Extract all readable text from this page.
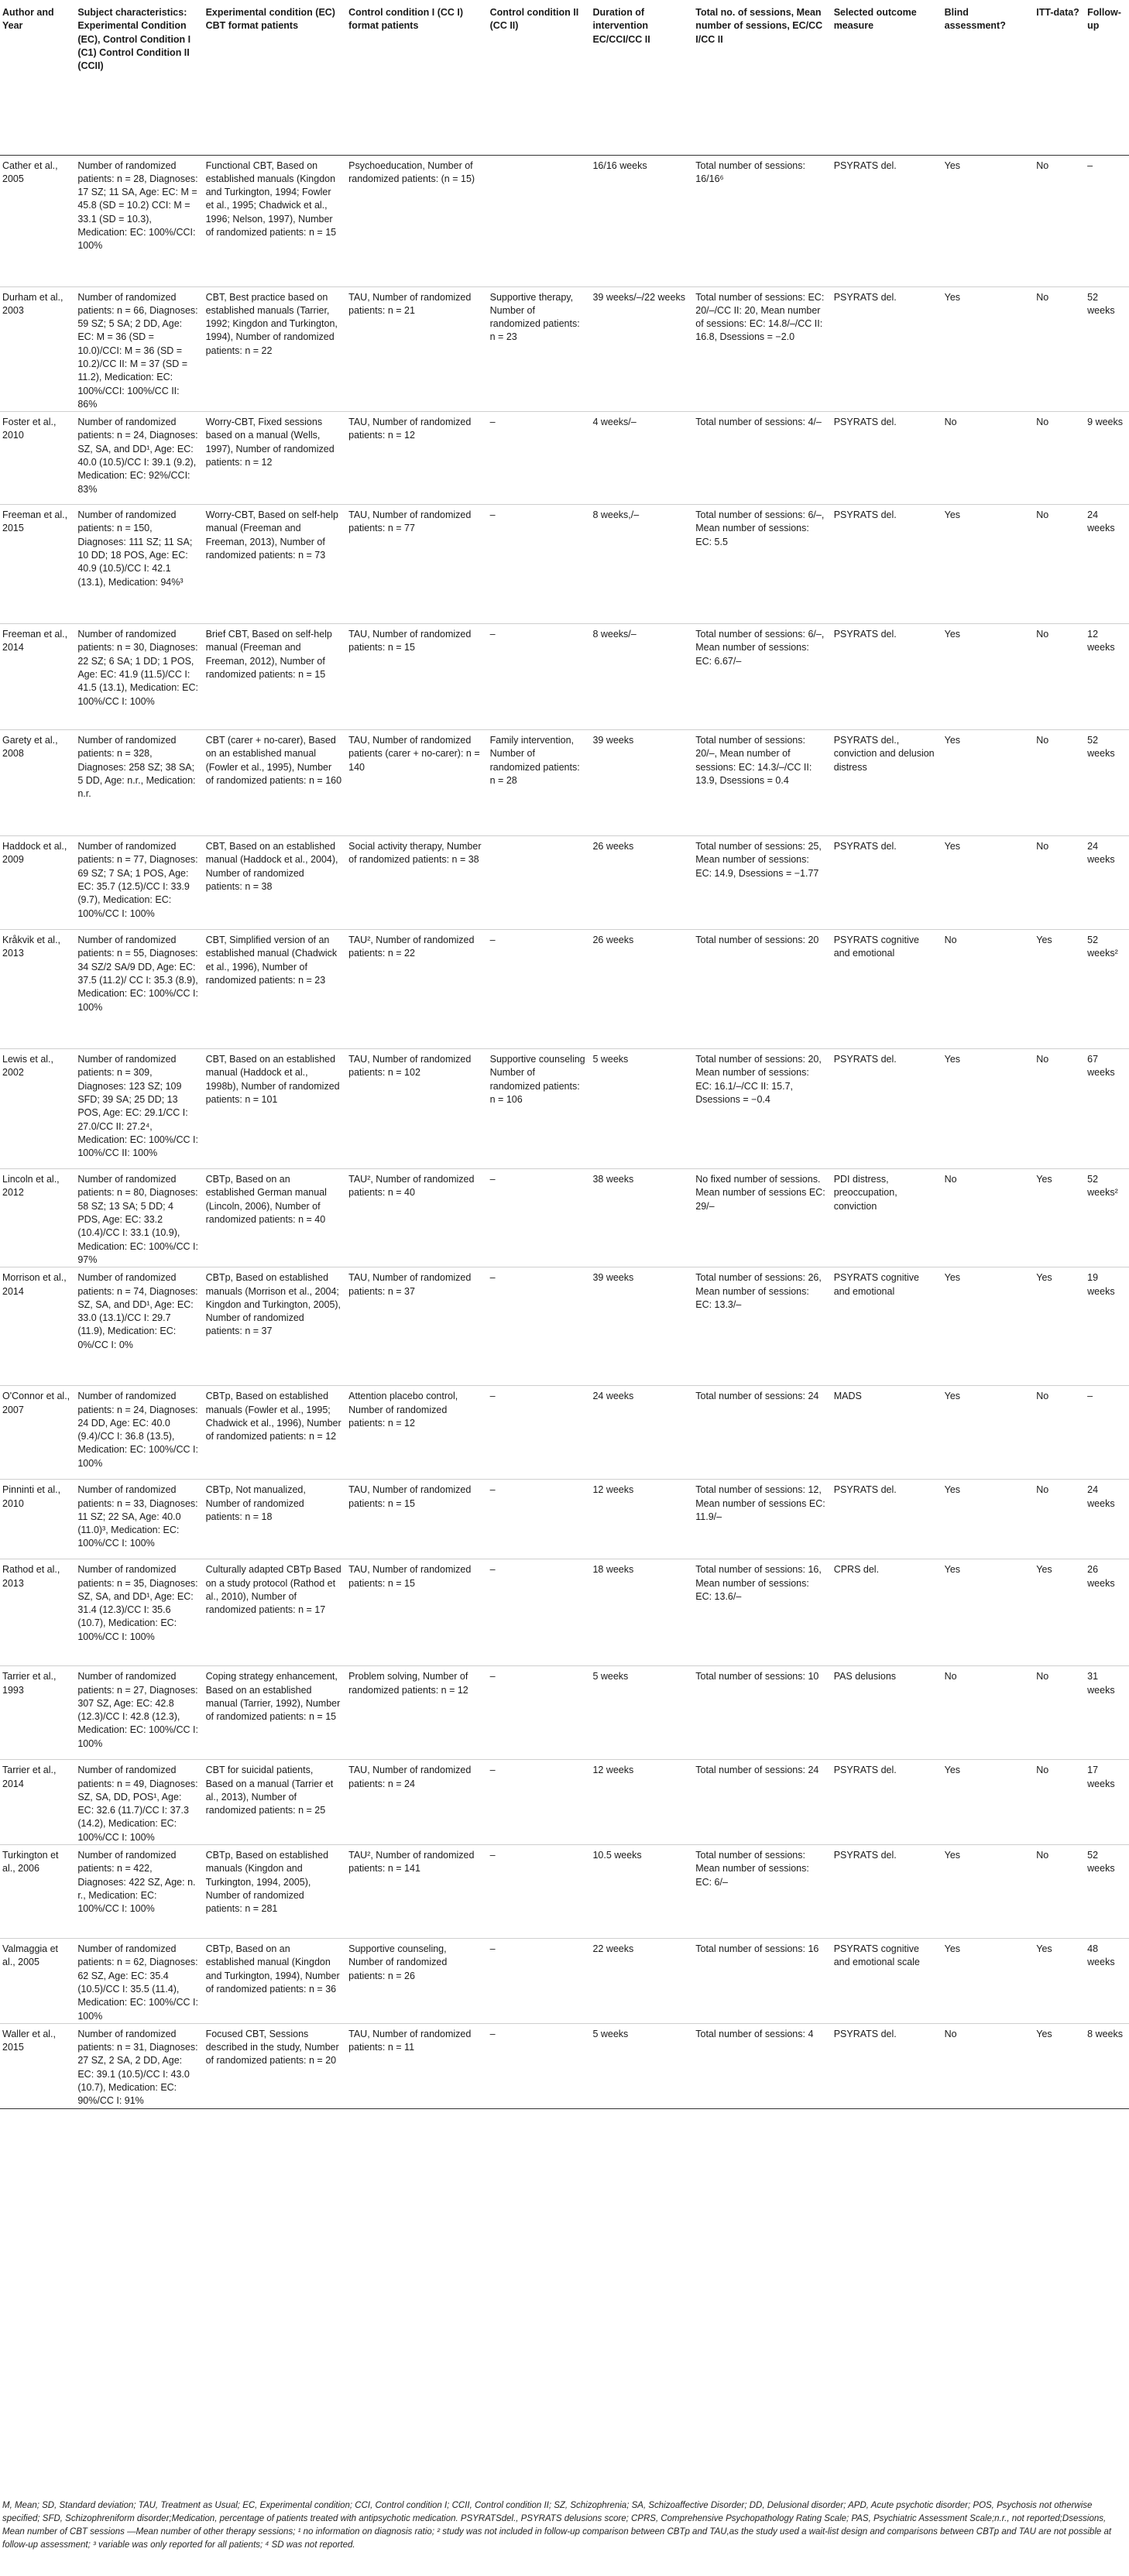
Author and Year	Subject characteristics: Experimental Condition (EC), Control Condition I (C1) Control Condition II (CCII)	Experimental condition (EC) CBT format patients	Control condition I (CC I) format patients	Control condition II (CC II)	Duration of intervention EC/CCI/CC II	Total no. of sessions, Mean number of sessions, EC/CC I/CC II	Selected outcome measure	Blind assessment?	ITT-data?	Follow-up
Cather et al., 2005	Number of randomized patients: n = 28, Diagnoses: 17 SZ; 11 SA, Age: EC: M = 45.8 (SD = 10.2) CCI: M = 33.1 (SD = 10.3), Medication: EC: 100%/CCI: 100%	Functional CBT, Based on established manuals (Kingdon and Turkington, 1994; Fowler et al., 1995; Chadwick et al., 1996; Nelson, 1997), Number of randomized patients: n = 15	Psychoeducation, Number of randomized patients: (n = 15)		16/16 weeks	Total number of sessions: 16/16⁶	PSYRATS del.	Yes	No	–
Durham et al., 2003	Number of randomized patients: n = 66, Diagnoses: 59 SZ; 5 SA; 2 DD, Age: EC: M = 36 (SD = 10.0)/CCI: M = 36 (SD = 10.2)/CC II: M = 37 (SD = 11.2), Medication: EC: 100%/CCI: 100%/CC II: 86%	CBT, Best practice based on established manuals (Tarrier, 1992; Kingdon and Turkington, 1994), Number of randomized patients: n = 22	TAU, Number of randomized patients: n = 21	Supportive therapy, Number of randomized patients: n = 23	39 weeks/–/22 weeks	Total number of sessions: EC: 20/–/CC II: 20, Mean number of sessions: EC: 14.8/–/CC II: 16.8, Dsessions = −2.0	PSYRATS del.	Yes	No	52 weeks
Foster et al., 2010	Number of randomized patients: n = 24, Diagnoses: SZ, SA, and DD¹, Age: EC: 40.0 (10.5)/CC I: 39.1 (9.2), Medication: EC: 92%/CCI: 83%	Worry-CBT, Fixed sessions based on a manual (Wells, 1997), Number of randomized patients: n = 12	TAU, Number of randomized patients: n = 12	–	4 weeks/–	Total number of sessions: 4/–	PSYRATS del.	No	No	9 weeks
Freeman et al., 2015	Number of randomized patients: n = 150, Diagnoses: 111 SZ; 11 SA; 10 DD; 18 POS, Age: EC: 40.9 (10.5)/CC I: 42.1 (13.1), Medication: 94%³	Worry-CBT, Based on self-help manual (Freeman and Freeman, 2013), Number of randomized patients: n = 73	TAU, Number of randomized patients: n = 77	–	8 weeks,/–	Total number of sessions: 6/–, Mean number of sessions: EC: 5.5	PSYRATS del.	Yes	No	24 weeks
Freeman et al., 2014	Number of randomized patients: n = 30, Diagnoses: 22 SZ; 6 SA; 1 DD; 1 POS, Age: EC: 41.9 (11.5)/CC I: 41.5 (13.1), Medication: EC: 100%/CC I: 100%	Brief CBT, Based on self-help manual (Freeman and Freeman, 2012), Number of randomized patients: n = 15	TAU, Number of randomized patients: n = 15	–	8 weeks/–	Total number of sessions: 6/–, Mean number of sessions: EC: 6.67/–	PSYRATS del.	Yes	No	12 weeks
Garety et al., 2008	Number of randomized patients: n = 328, Diagnoses: 258 SZ; 38 SA; 5 DD, Age: n.r., Medication: n.r.	CBT (carer + no-carer), Based on an established manual (Fowler et al., 1995), Number of randomized patients: n = 160	TAU, Number of randomized patients (carer + no-carer): n = 140	Family intervention, Number of randomized patients: n = 28	39 weeks	Total number of sessions: 20/–, Mean number of sessions: EC: 14.3/–/CC II: 13.9, Dsessions = 0.4	PSYRATS del., conviction and delusion distress	Yes	No	52 weeks
Haddock et al., 2009	Number of randomized patients: n = 77, Diagnoses: 69 SZ; 7 SA; 1 POS, Age: EC: 35.7 (12.5)/CC I: 33.9 (9.7), Medication: EC: 100%/CC I: 100%	CBT, Based on an established manual (Haddock et al., 2004), Number of randomized patients: n = 38	Social activity therapy, Number of randomized patients: n = 38		26 weeks	Total number of sessions: 25, Mean number of sessions: EC: 14.9, Dsessions = −1.77	PSYRATS del.	Yes	No	24 weeks
Kråkvik et al., 2013	Number of randomized patients: n = 55, Diagnoses: 34 SZ/2 SA/9 DD, Age: EC: 37.5 (11.2)/ CC I: 35.3 (8.9), Medication: EC: 100%/CC I: 100%	CBT, Simplified version of an established manual (Chadwick et al., 1996), Number of randomized patients: n = 23	TAU², Number of randomized patients: n = 22	–	26 weeks	Total number of sessions: 20	PSYRATS cognitive and emotional	No	Yes	52 weeks²
Lewis et al., 2002	Number of randomized patients: n = 309, Diagnoses: 123 SZ; 109 SFD; 39 SA; 25 DD; 13 POS, Age: EC: 29.1/CC I: 27.0/CC II: 27.2⁴, Medication: EC: 100%/CC I: 100%/CC II: 100%	CBT, Based on an established manual (Haddock et al., 1998b), Number of randomized patients: n = 101	TAU, Number of randomized patients: n = 102	Supportive counseling Number of randomized patients: n = 106	5 weeks	Total number of sessions: 20, Mean number of sessions: EC: 16.1/–/CC II: 15.7, Dsessions = −0.4	PSYRATS del.	Yes	No	67 weeks
Lincoln et al., 2012	Number of randomized patients: n = 80, Diagnoses: 58 SZ; 13 SA; 5 DD; 4 PDS, Age: EC: 33.2 (10.4)/CC I: 33.1 (10.9), Medication: EC: 100%/CC I: 97%	CBTp, Based on an established German manual (Lincoln, 2006), Number of randomized patients: n = 40	TAU², Number of randomized patients: n = 40	–	38 weeks	No fixed number of sessions. Mean number of sessions EC: 29/–	PDI distress, preoccupation, conviction	No	Yes	52 weeks²
Morrison et al., 2014	Number of randomized patients: n = 74, Diagnoses: SZ, SA, and DD¹, Age: EC: 33.0 (13.1)/CC I: 29.7 (11.9), Medication: EC: 0%/CC I: 0%	CBTp, Based on established manuals (Morrison et al., 2004; Kingdon and Turkington, 2005), Number of randomized patients: n = 37	TAU, Number of randomized patients: n = 37	–	39 weeks	Total number of sessions: 26, Mean number of sessions: EC: 13.3/–	PSYRATS cognitive and emotional	Yes	Yes	19 weeks
O'Connor et al., 2007	Number of randomized patients: n = 24, Diagnoses: 24 DD, Age: EC: 40.0 (9.4)/CC I: 36.8 (13.5), Medication: EC: 100%/CC I: 100%	CBTp, Based on established manuals (Fowler et al., 1995; Chadwick et al., 1996), Number of randomized patients: n = 12	Attention placebo control, Number of randomized patients: n = 12	–	24 weeks	Total number of sessions: 24	MADS	Yes	No	–
Pinninti et al., 2010	Number of randomized patients: n = 33, Diagnoses: 11 SZ; 22 SA, Age: 40.0 (11.0)³, Medication: EC: 100%/CC I: 100%	CBTp, Not manualized, Number of randomized patients: n = 18	TAU, Number of randomized patients: n = 15	–	12 weeks	Total number of sessions: 12, Mean number of sessions EC: 11.9/–	PSYRATS del.	Yes	No	24 weeks
Rathod et al., 2013	Number of randomized patients: n = 35, Diagnoses: SZ, SA, and DD¹, Age: EC: 31.4 (12.3)/CC I: 35.6 (10.7), Medication: EC: 100%/CC I: 100%	Culturally adapted CBTp Based on a study protocol (Rathod et al., 2010), Number of randomized patients: n = 17	TAU, Number of randomized patients: n = 15	–	18 weeks	Total number of sessions: 16, Mean number of sessions: EC: 13.6/–	CPRS del.	Yes	Yes	26 weeks
Tarrier et al., 1993	Number of randomized patients: n = 27, Diagnoses: 307 SZ, Age: EC: 42.8 (12.3)/CC I: 42.8 (12.3), Medication: EC: 100%/CC I: 100%	Coping strategy enhancement, Based on an established manual (Tarrier, 1992), Number of randomized patients: n = 15	Problem solving, Number of randomized patients: n = 12	–	5 weeks	Total number of sessions: 10	PAS delusions	No	No	31 weeks
Tarrier et al., 2014	Number of randomized patients: n = 49, Diagnoses: SZ, SA, DD, POS¹, Age: EC: 32.6 (11.7)/CC I: 37.3 (14.2), Medication: EC: 100%/CC I: 100%	CBT for suicidal patients, Based on a manual (Tarrier et al., 2013), Number of randomized patients: n = 25	TAU, Number of randomized patients: n = 24	–	12 weeks	Total number of sessions: 24	PSYRATS del.	Yes	No	17 weeks
Turkington et al., 2006	Number of randomized patients: n = 422, Diagnoses: 422 SZ, Age: n. r., Medication: EC: 100%/CC I: 100%	CBTp, Based on established manuals (Kingdon and Turkington, 1994, 2005), Number of randomized patients: n = 281	TAU², Number of randomized patients: n = 141	–	10.5 weeks	Total number of sessions: Mean number of sessions: EC: 6/–	PSYRATS del.	Yes	No	52 weeks
Valmaggia et al., 2005	Number of randomized patients: n = 62, Diagnoses: 62 SZ, Age: EC: 35.4 (10.5)/CC I: 35.5 (11.4), Medication: EC: 100%/CC I: 100%	CBTp, Based on an established manual (Kingdon and Turkington, 1994), Number of randomized patients: n = 36	Supportive counseling, Number of randomized patients: n = 26	–	22 weeks	Total number of sessions: 16	PSYRATS cognitive and emotional scale	Yes	Yes	48 weeks
Waller et al., 2015	Number of randomized patients: n = 31, Diagnoses: 27 SZ, 2 SA, 2 DD, Age: EC: 39.1 (10.5)/CC I: 43.0 (10.7), Medication: EC: 90%/CC I: 91%	Focused CBT, Sessions described in the study, Number of randomized patients: n = 20	TAU, Number of randomized patients: n = 11	–	5 weeks	Total number of sessions: 4	PSYRATS del.	No	Yes	8 weeks
M, Mean; SD, Standard deviation; TAU, Treatment as Usual; EC, Experimental condition; CCI, Control condition I; CCII, Control condition II; SZ, Schizophrenia; SA, Schizoaffective Disorder; DD, Delusional disorder; APD, Acute psychotic disorder; POS, Psychosis not otherwise specified; SFD, Schizophreniform disorder;Medication, percentage of patients treated with antipsychotic medication. PSYRATSdel., PSYRATS delusions score; CPRS, Comprehensive Psychopathology Rating Scale; PAS, Psychiatric Assessment Scale;n.r., not reported;Dsessions, Mean number of CBT sessions —Mean number of other therapy sessions; ¹ no information on diagnosis ratio; ² study was not included in follow-up comparison between CBTp and TAU,as the study used a wait-list design and comparisons between CBTp and TAU are not possible at follow-up assessment; ³ variable was only reported for all patients; ⁴ SD was not reported.
